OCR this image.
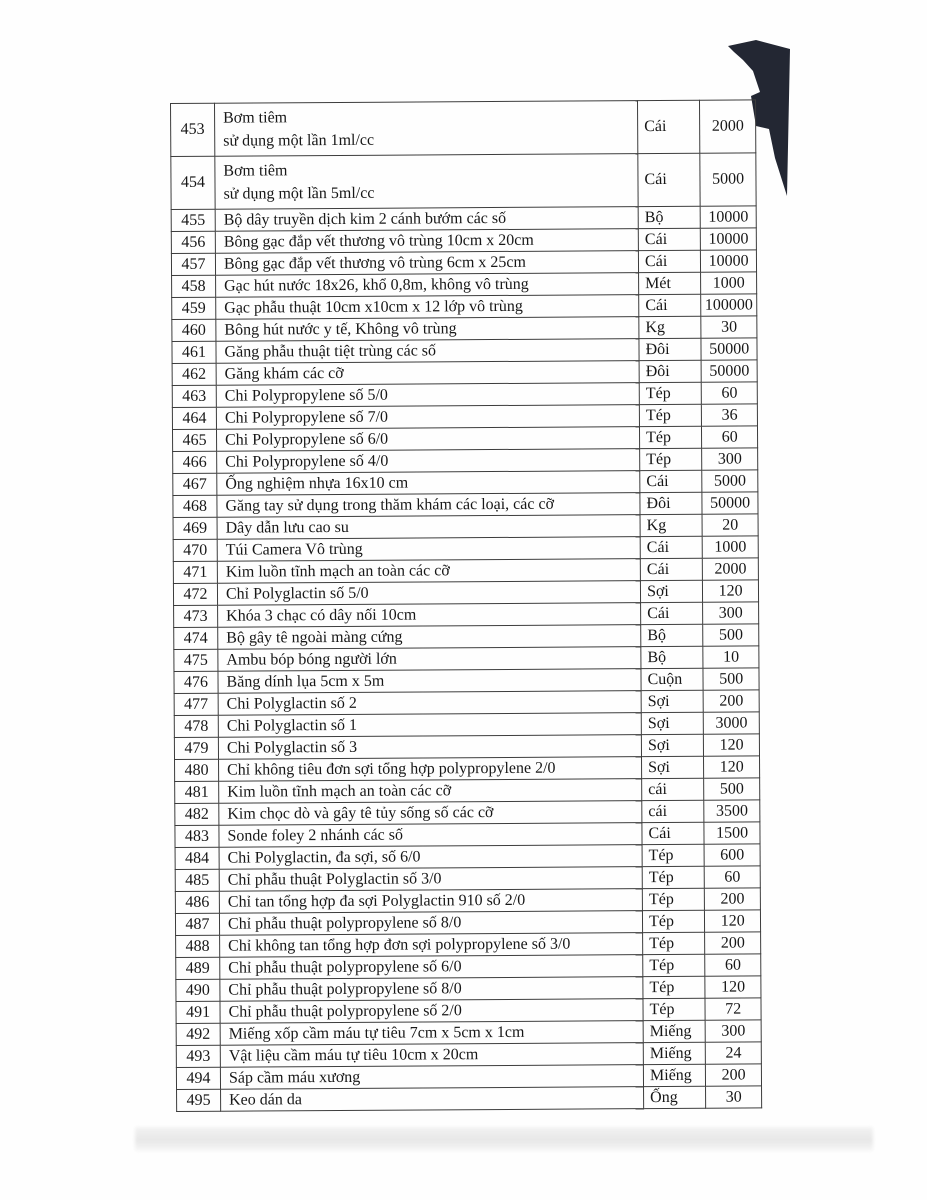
453	Bơm tiêm
sử dụng một lần 1ml/cc	Cái	2000
454	Bơm tiêm
sử dụng một lần 5ml/cc	Cái	5000
455	Bộ dây truyền dịch kim 2 cánh bướm các số	Bộ	10000
456	Bông gạc đắp vết thương vô trùng 10cm x 20cm	Cái	10000
457	Bông gạc đắp vết thương vô trùng 6cm x 25cm	Cái	10000
458	Gạc hút nước 18x26, khổ 0,8m, không vô trùng	Mét	1000
459	Gạc phẫu thuật 10cm x10cm x 12 lớp vô trùng	Cái	100000
460	Bông hút nước y tế, Không vô trùng	Kg	30
461	Găng phẫu thuật tiệt trùng các số	Đôi	50000
462	Găng khám các cỡ	Đôi	50000
463	Chi Polypropylene số 5/0	Tép	60
464	Chi Polypropylene số 7/0	Tép	36
465	Chi Polypropylene số 6/0	Tép	60
466	Chi Polypropylene số 4/0	Tép	300
467	Ống nghiệm nhựa 16x10 cm	Cái	5000
468	Găng tay sử dụng trong thăm khám các loại, các cỡ	Đôi	50000
469	Dây dẫn lưu cao su	Kg	20
470	Túi Camera Vô trùng	Cái	1000
471	Kim luồn tĩnh mạch an toàn các cỡ	Cái	2000
472	Chỉ Polyglactin số 5/0	Sợi	120
473	Khóa 3 chạc có dây nối 10cm	Cái	300
474	Bộ gây tê ngoài màng cứng	Bộ	500
475	Ambu bóp bóng người lớn	Bộ	10
476	Băng dính lụa 5cm x 5m	Cuộn	500
477	Chi Polyglactin số 2	Sợi	200
478	Chi Polyglactin số 1	Sợi	3000
479	Chi Polyglactin số 3	Sợi	120
480	Chỉ không tiêu đơn sợi tổng hợp polypropylene 2/0	Sợi	120
481	Kim luồn tĩnh mạch an toàn các cỡ	cái	500
482	Kim chọc dò và gây tê tủy sống số các cỡ	cái	3500
483	Sonde foley 2 nhánh các số	Cái	1500
484	Chi Polyglactin, đa sợi, số 6/0	Tép	600
485	Chỉ phẫu thuật Polyglactin số 3/0	Tép	60
486	Chỉ tan tổng hợp đa sợi Polyglactin 910 số 2/0	Tép	200
487	Chỉ phẫu thuật polypropylene số 8/0	Tép	120
488	Chỉ không tan tổng hợp đơn sợi polypropylene số 3/0	Tép	200
489	Chỉ phẫu thuật polypropylene số 6/0	Tép	60
490	Chỉ phẫu thuật polypropylene số 8/0	Tép	120
491	Chỉ phẫu thuật polypropylene số 2/0	Tép	72
492	Miếng xốp cầm máu tự tiêu 7cm x 5cm x 1cm	Miếng	300
493	Vật liệu cầm máu tự tiêu 10cm x 20cm	Miếng	24
494	Sáp cầm máu xương	Miếng	200
495	Keo dán da	Ống	30
